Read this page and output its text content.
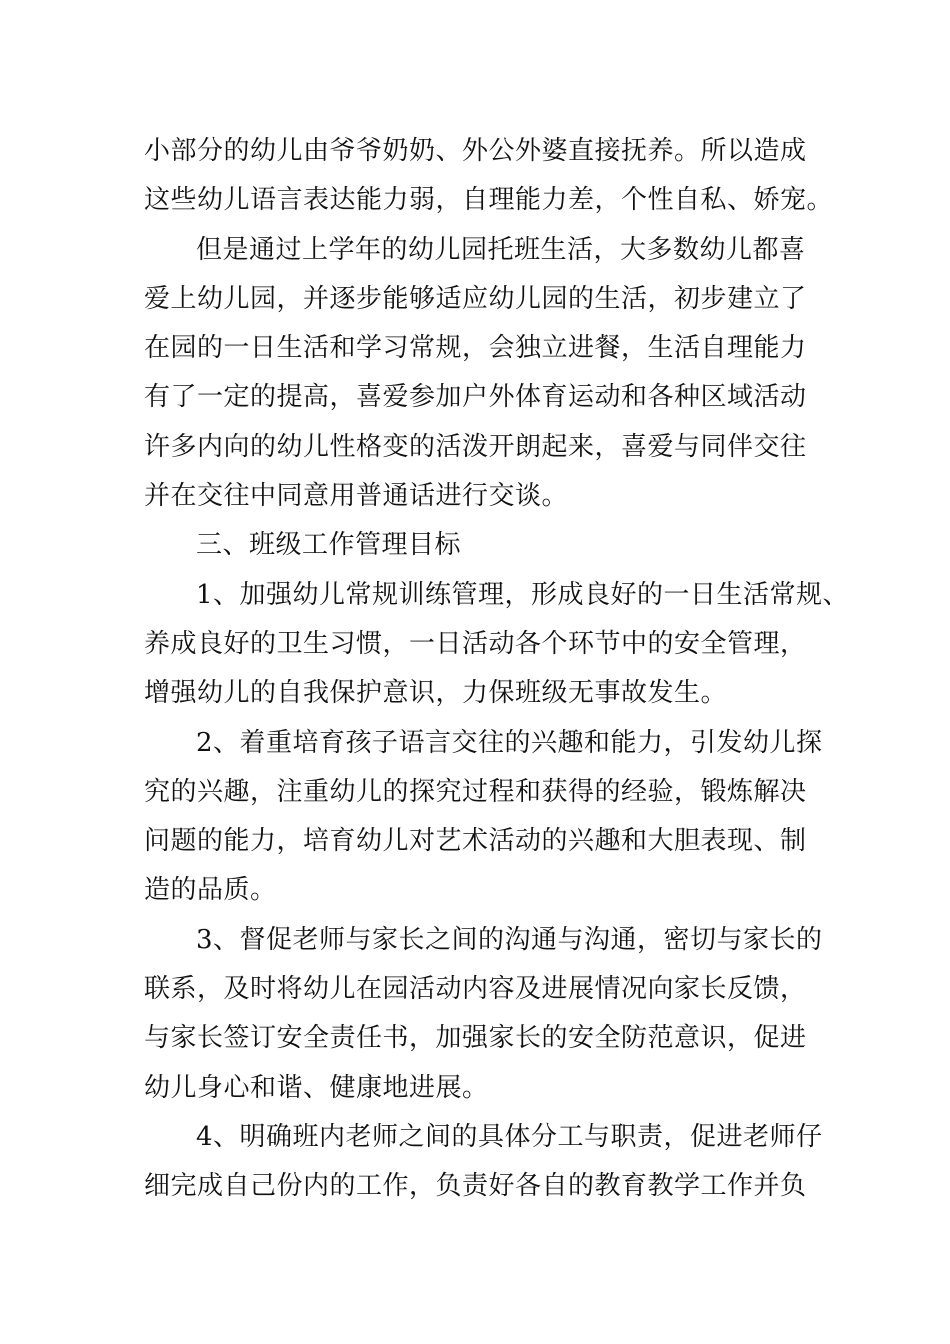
小部分的幼儿由爷爷奶奶、外公外婆直接抚养。所以造成
这些幼儿语言表达能力弱，自理能力差，个性自私、娇宠。
但是通过上学年的幼儿园托班生活，大多数幼儿都喜
爱上幼儿园，并逐步能够适应幼儿园的生活，初步建立了
在园的一日生活和学习常规，会独立进餐，生活自理能力
有了一定的提高，喜爱参加户外体育运动和各种区域活动
许多内向的幼儿性格变的活泼开朗起来，喜爱与同伴交往
并在交往中同意用普通话进行交谈。
三、班级工作管理目标
1、加强幼儿常规训练管理，形成良好的一日生活常规、
养成良好的卫生习惯，一日活动各个环节中的安全管理，
增强幼儿的自我保护意识，力保班级无事故发生。
2、着重培育孩子语言交往的兴趣和能力，引发幼儿探
究的兴趣，注重幼儿的探究过程和获得的经验，锻炼解决
问题的能力，培育幼儿对艺术活动的兴趣和大胆表现、制
造的品质。
3、督促老师与家长之间的沟通与沟通，密切与家长的
联系，及时将幼儿在园活动内容及进展情况向家长反馈，
与家长签订安全责任书，加强家长的安全防范意识，促进
幼儿身心和谐、健康地进展。
4、明确班内老师之间的具体分工与职责，促进老师仔
细完成自己份内的工作，负责好各自的教育教学工作并负
